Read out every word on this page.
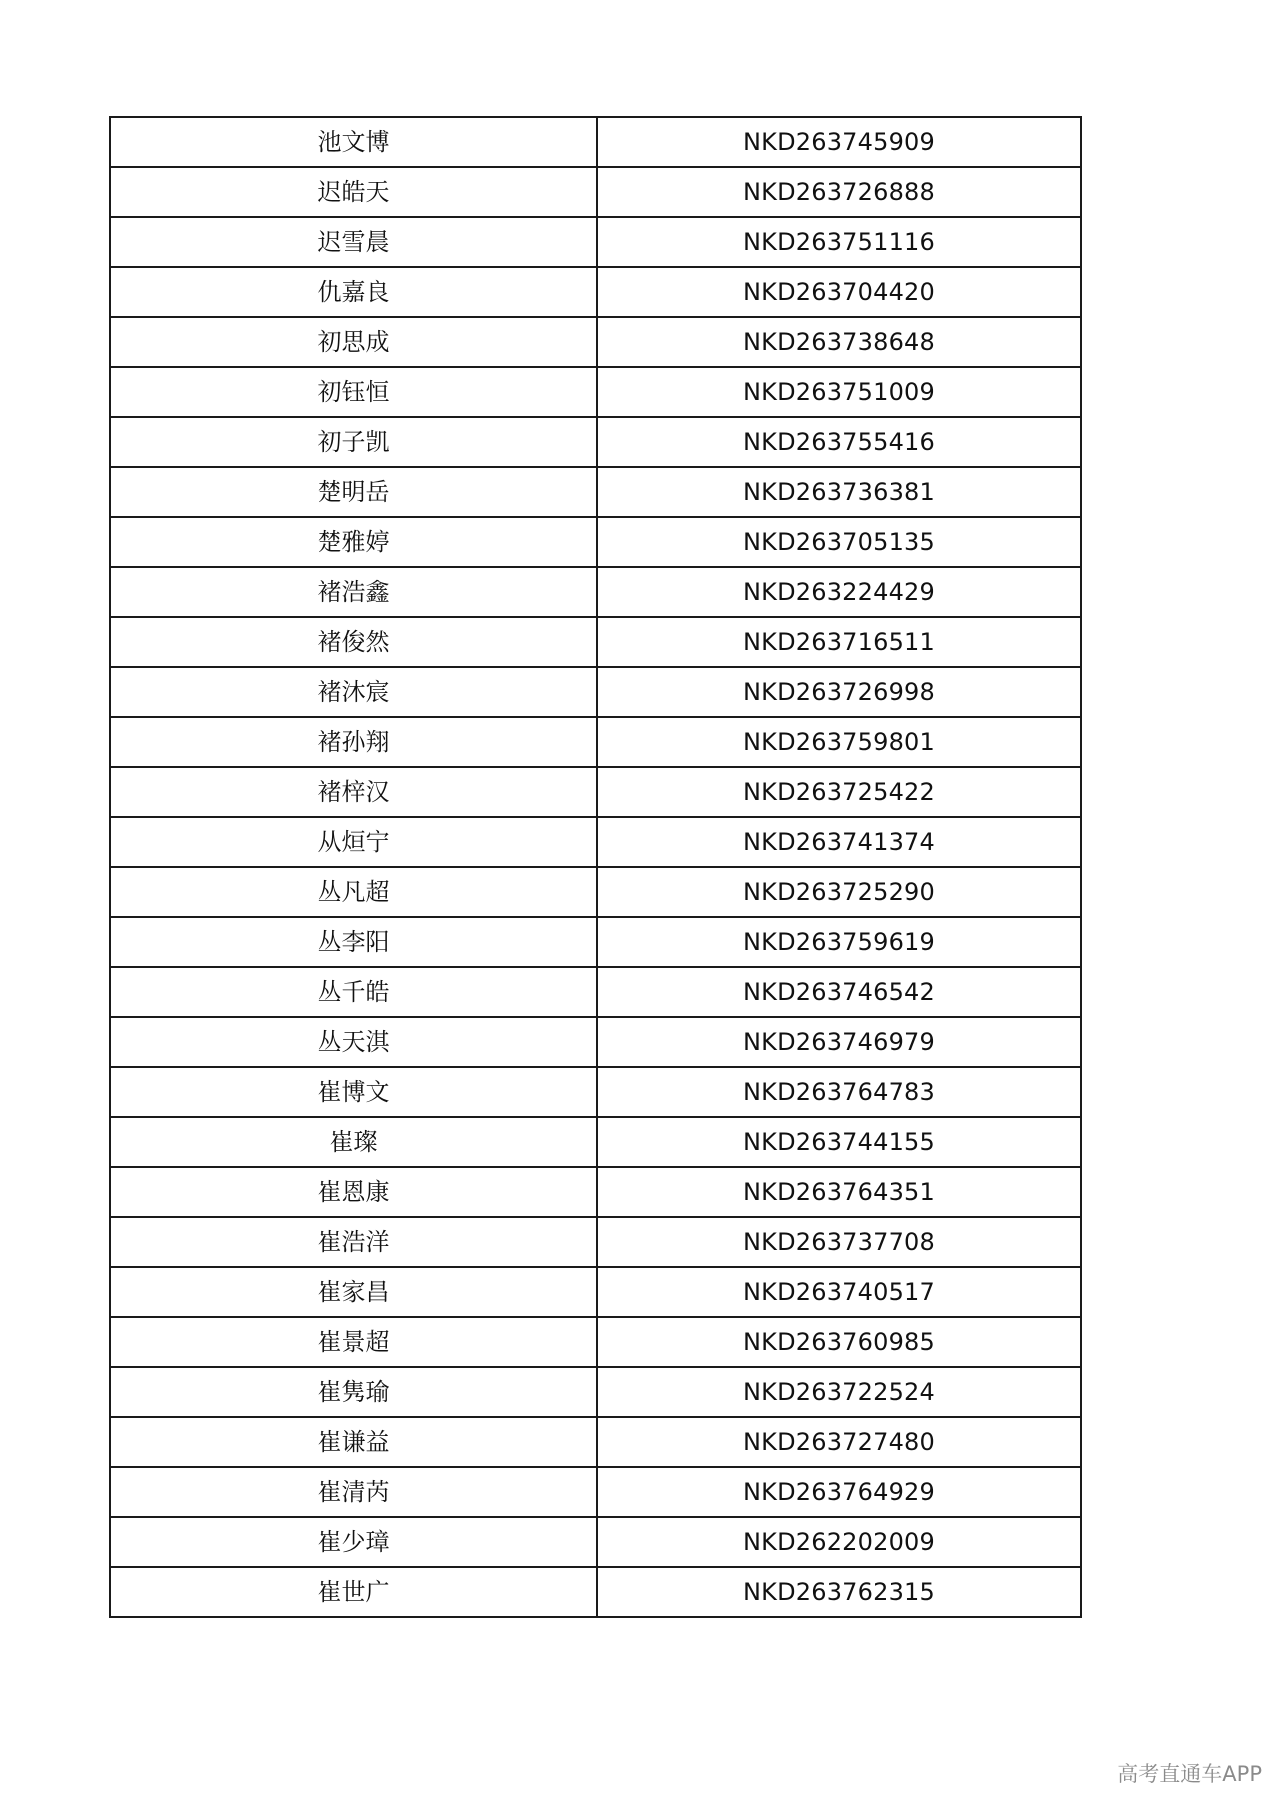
池文博	NKD263745909
迟皓天	NKD263726888
迟雪晨	NKD263751116
仇嘉良	NKD263704420
初思成	NKD263738648
初钰恒	NKD263751009
初子凯	NKD263755416
楚明岳	NKD263736381
楚雅婷	NKD263705135
褚浩鑫	NKD263224429
褚俊然	NKD263716511
褚沐宸	NKD263726998
褚孙翔	NKD263759801
褚梓汉	NKD263725422
从烜宁	NKD263741374
丛凡超	NKD263725290
丛李阳	NKD263759619
丛千皓	NKD263746542
丛天淇	NKD263746979
崔博文	NKD263764783
崔璨	NKD263744155
崔恩康	NKD263764351
崔浩洋	NKD263737708
崔家昌	NKD263740517
崔景超	NKD263760985
崔隽瑜	NKD263722524
崔谦益	NKD263727480
崔清芮	NKD263764929
崔少璋	NKD262202009
崔世广	NKD263762315
高考直通车APP
